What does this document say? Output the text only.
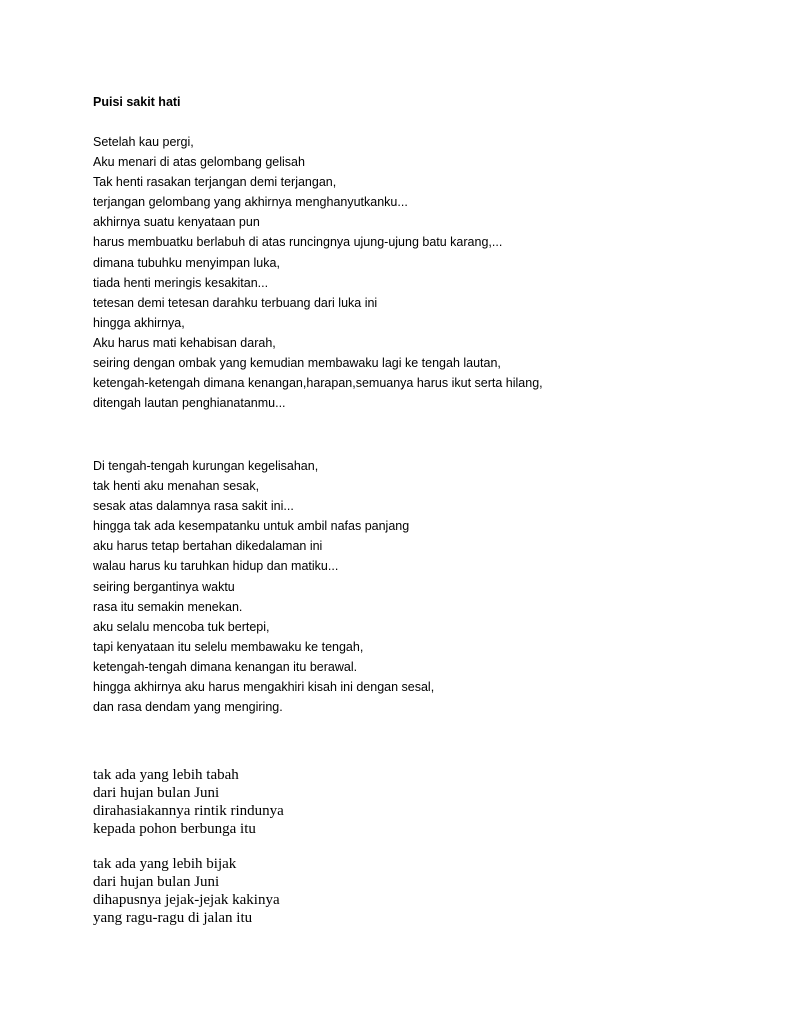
Puisi sakit hati
Setelah kau pergi,
Aku menari di atas gelombang gelisah
Tak henti rasakan terjangan demi terjangan,
terjangan gelombang yang akhirnya menghanyutkanku...
akhirnya suatu kenyataan pun
harus membuatku berlabuh di atas runcingnya ujung-ujung batu karang,...
dimana tubuhku menyimpan luka,
tiada henti meringis kesakitan...
tetesan demi tetesan darahku terbuang dari luka ini
hingga akhirnya,
Aku harus mati kehabisan darah,
seiring dengan ombak yang kemudian membawaku lagi ke tengah lautan,
ketengah-ketengah dimana kenangan,harapan,semuanya harus ikut serta hilang,
ditengah lautan penghianatanmu...
Di tengah-tengah kurungan kegelisahan,
tak henti aku menahan sesak,
sesak atas dalamnya rasa sakit ini...
hingga tak ada kesempatanku untuk ambil nafas panjang
aku harus tetap bertahan dikedalaman ini
walau harus ku taruhkan hidup dan matiku...
seiring bergantinya waktu
rasa itu semakin menekan.
aku selalu mencoba tuk bertepi,
tapi kenyataan itu selelu membawaku ke tengah,
ketengah-tengah dimana kenangan itu berawal.
hingga akhirnya aku harus mengakhiri kisah ini dengan sesal,
dan rasa dendam yang mengiring.
tak ada yang lebih tabah
dari hujan bulan Juni
dirahasiakannya rintik rindunya
kepada pohon berbunga itu
tak ada yang lebih bijak
dari hujan bulan Juni
dihapusnya jejak-jejak kakinya
yang ragu-ragu di jalan itu
